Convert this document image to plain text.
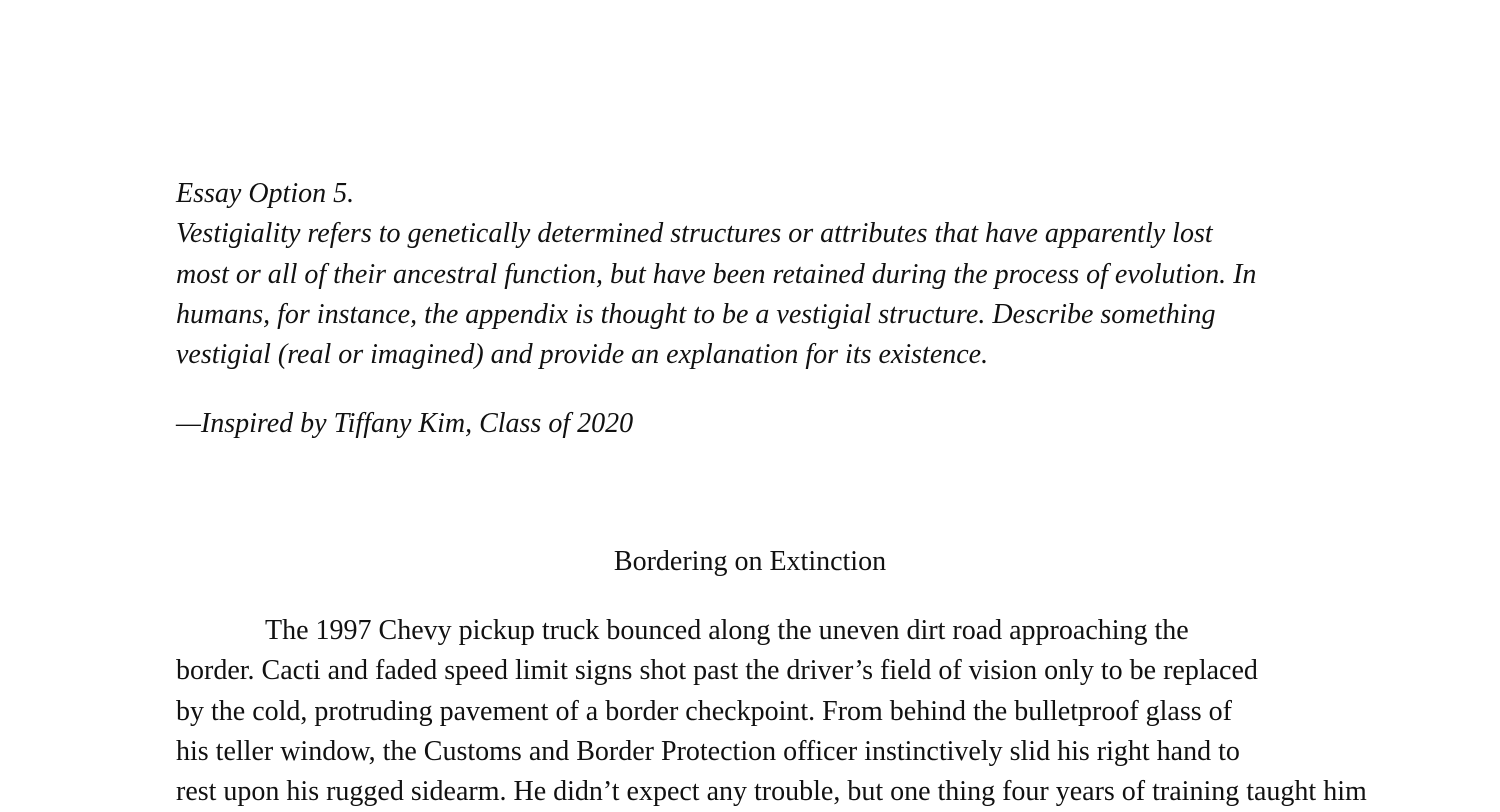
Essay Option 5.
Vestigiality refers to genetically determined structures or attributes that have apparently lost
most or all of their ancestral function, but have been retained during the process of evolution. In
humans, for instance, the appendix is thought to be a vestigial structure. Describe something
vestigial (real or imagined) and provide an explanation for its existence.

—Inspired by Tiffany Kim, Class of 2020

Bordering on Extinction
The 1997 Chevy pickup truck bounced along the uneven dirt road approaching the
border. Cacti and faded speed limit signs shot past the driver’s field of vision only to be replaced
by the cold, protruding pavement of a border checkpoint. From behind the bulletproof glass of
his teller window, the Customs and Border Protection officer instinctively slid his right hand to
rest upon his rugged sidearm. He didn’t expect any trouble, but one thing four years of training taught him
